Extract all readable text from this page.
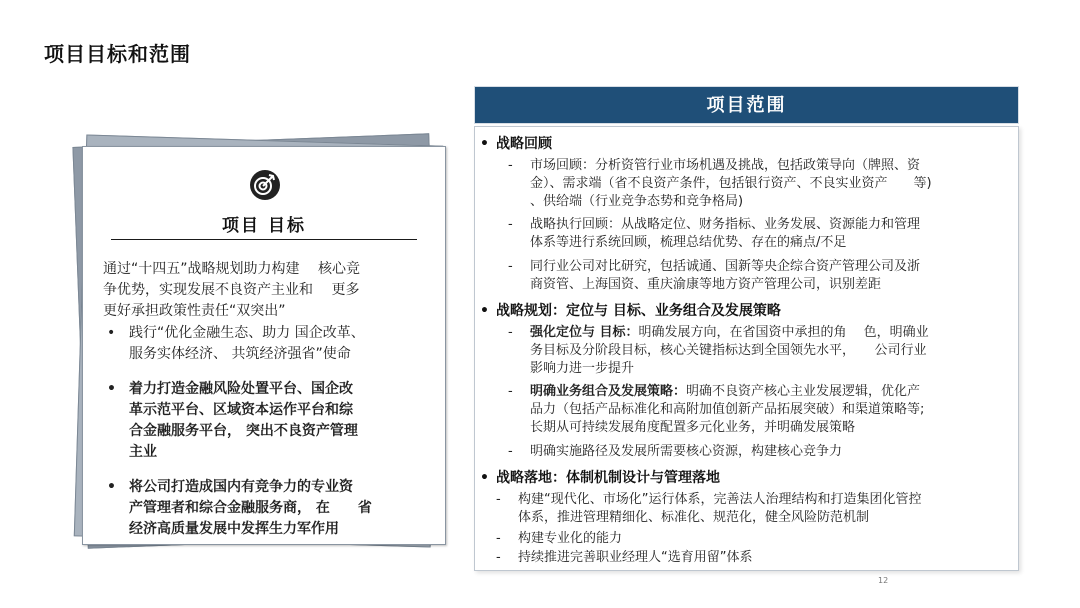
项目目标和范围
项目 目标
通过“十四五”战略规划助力构建　 核心竞
争优势，实现发展不良资产主业和　 更多
更好承担政策性责任“双突出”
• 践行“优化金融生态、助力 国企改革、
服务实体经济、 共筑经济强省”使命
• 着力打造金融风险处置平台、国企改
革示范平台、区域资本运作平台和综
合金融服务平台， 突出不良资产管理
主业
• 将公司打造成国内有竞争力的专业资
产管理者和综合金融服务商， 在　　省
经济高质量发展中发挥生力军作用
项目范围
• 战略回顾
- 市场回顾：分析资管行业市场机遇及挑战，包括政策导向（牌照、资
金）、需求端（省不良资产条件，包括银行资产、不良实业资产　　等)
、供给端（行业竞争态势和竞争格局)
- 战略执行回顾：从战略定位、财务指标、业务发展、资源能力和管理
体系等进行系统回顾，梳理总结优势、存在的痛点/不足
- 同行业公司对比研究，包括诚通、国新等央企综合资产管理公司及浙
商资管、上海国资、重庆渝康等地方资产管理公司，识别差距
• 战略规划：定位与 目标、业务组合及发展策略
- 强化定位与 目标：明确发展方向，在省国资中承担的角　 色，明确业
务目标及分阶段目标，核心关键指标达到全国领先水平，　　公司行业
影响力进一步提升
- 明确业务组合及发展策略：明确不良资产核心主业发展逻辑，优化产
品力（包括产品标准化和高附加值创新产品拓展突破）和渠道策略等;
长期从可持续发展角度配置多元化业务，并明确发展策略
- 明确实施路径及发展所需要核心资源，构建核心竞争力
• 战略落地：体制机制设计与管理落地
- 构建“现代化、市场化”运行体系，完善法人治理结构和打造集团化管控
体系，推进管理精细化、标准化、规范化，健全风险防范机制
- 构建专业化的能力
- 持续推进完善职业经理人“选育用留”体系
12
